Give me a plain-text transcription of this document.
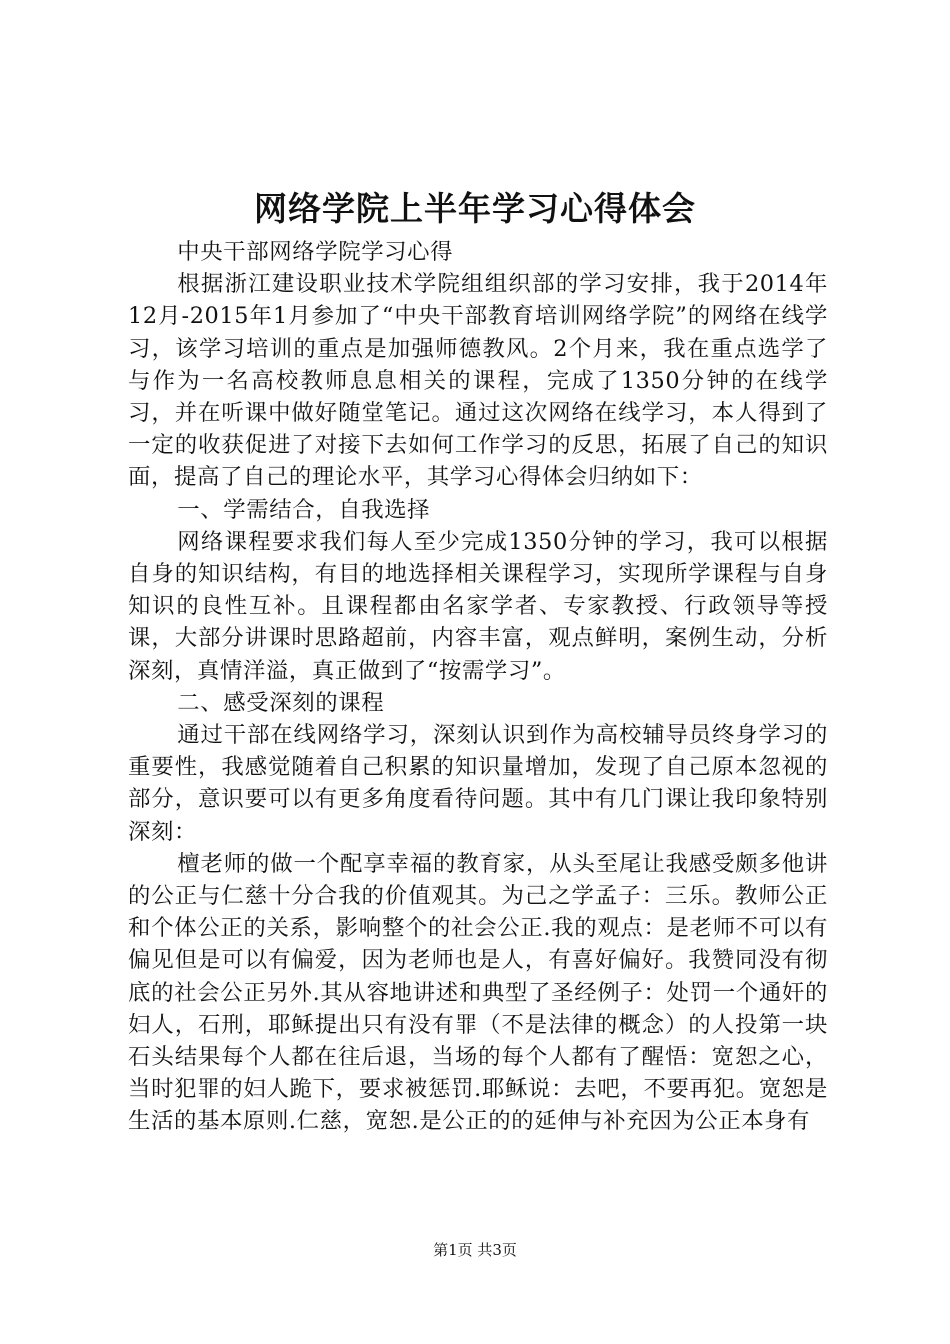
网络学院上半年学习心得体会

中央干部网络学院学习心得

根据浙江建设职业技术学院组组织部的学习安排，我于2014年12月-2015年1月参加了“中央干部教育培训网络学院”的网络在线学习，该学习培训的重点是加强师德教风。2个月来，我在重点选学了与作为一名高校教师息息相关的课程，完成了1350分钟的在线学习，并在听课中做好随堂笔记。通过这次网络在线学习，本人得到了一定的收获促进了对接下去如何工作学习的反思，拓展了自己的知识面，提高了自己的理论水平，其学习心得体会归纳如下：

一、学需结合，自我选择

网络课程要求我们每人至少完成1350分钟的学习，我可以根据自身的知识结构，有目的地选择相关课程学习，实现所学课程与自身知识的良性互补。且课程都由名家学者、专家教授、行政领导等授课，大部分讲课时思路超前，内容丰富，观点鲜明，案例生动，分析深刻，真情洋溢，真正做到了“按需学习”。

二、感受深刻的课程

通过干部在线网络学习，深刻认识到作为高校辅导员终身学习的重要性，我感觉随着自己积累的知识量增加，发现了自己原本忽视的部分，意识要可以有更多角度看待问题。其中有几门课让我印象特别深刻：

檀老师的做一个配享幸福的教育家，从头至尾让我感受颇多他讲的公正与仁慈十分合我的价值观其。为己之学孟子：三乐。教师公正和个体公正的关系，影响整个的社会公正.我的观点：是老师不可以有偏见但是可以有偏爱，因为老师也是人，有喜好偏好。我赞同没有彻底的社会公正另外.其从容地讲述和典型了圣经例子：处罚一个通奸的妇人，石刑，耶稣提出只有没有罪（不是法律的概念）的人投第一块石头结果每个人都在往后退，当场的每个人都有了醒悟：宽恕之心，当时犯罪的妇人跪下，要求被惩罚.耶稣说：去吧，不要再犯。宽恕是生活的基本原则.仁慈，宽恕.是公正的的延伸与补充因为公正本身有

第1页 共3页
